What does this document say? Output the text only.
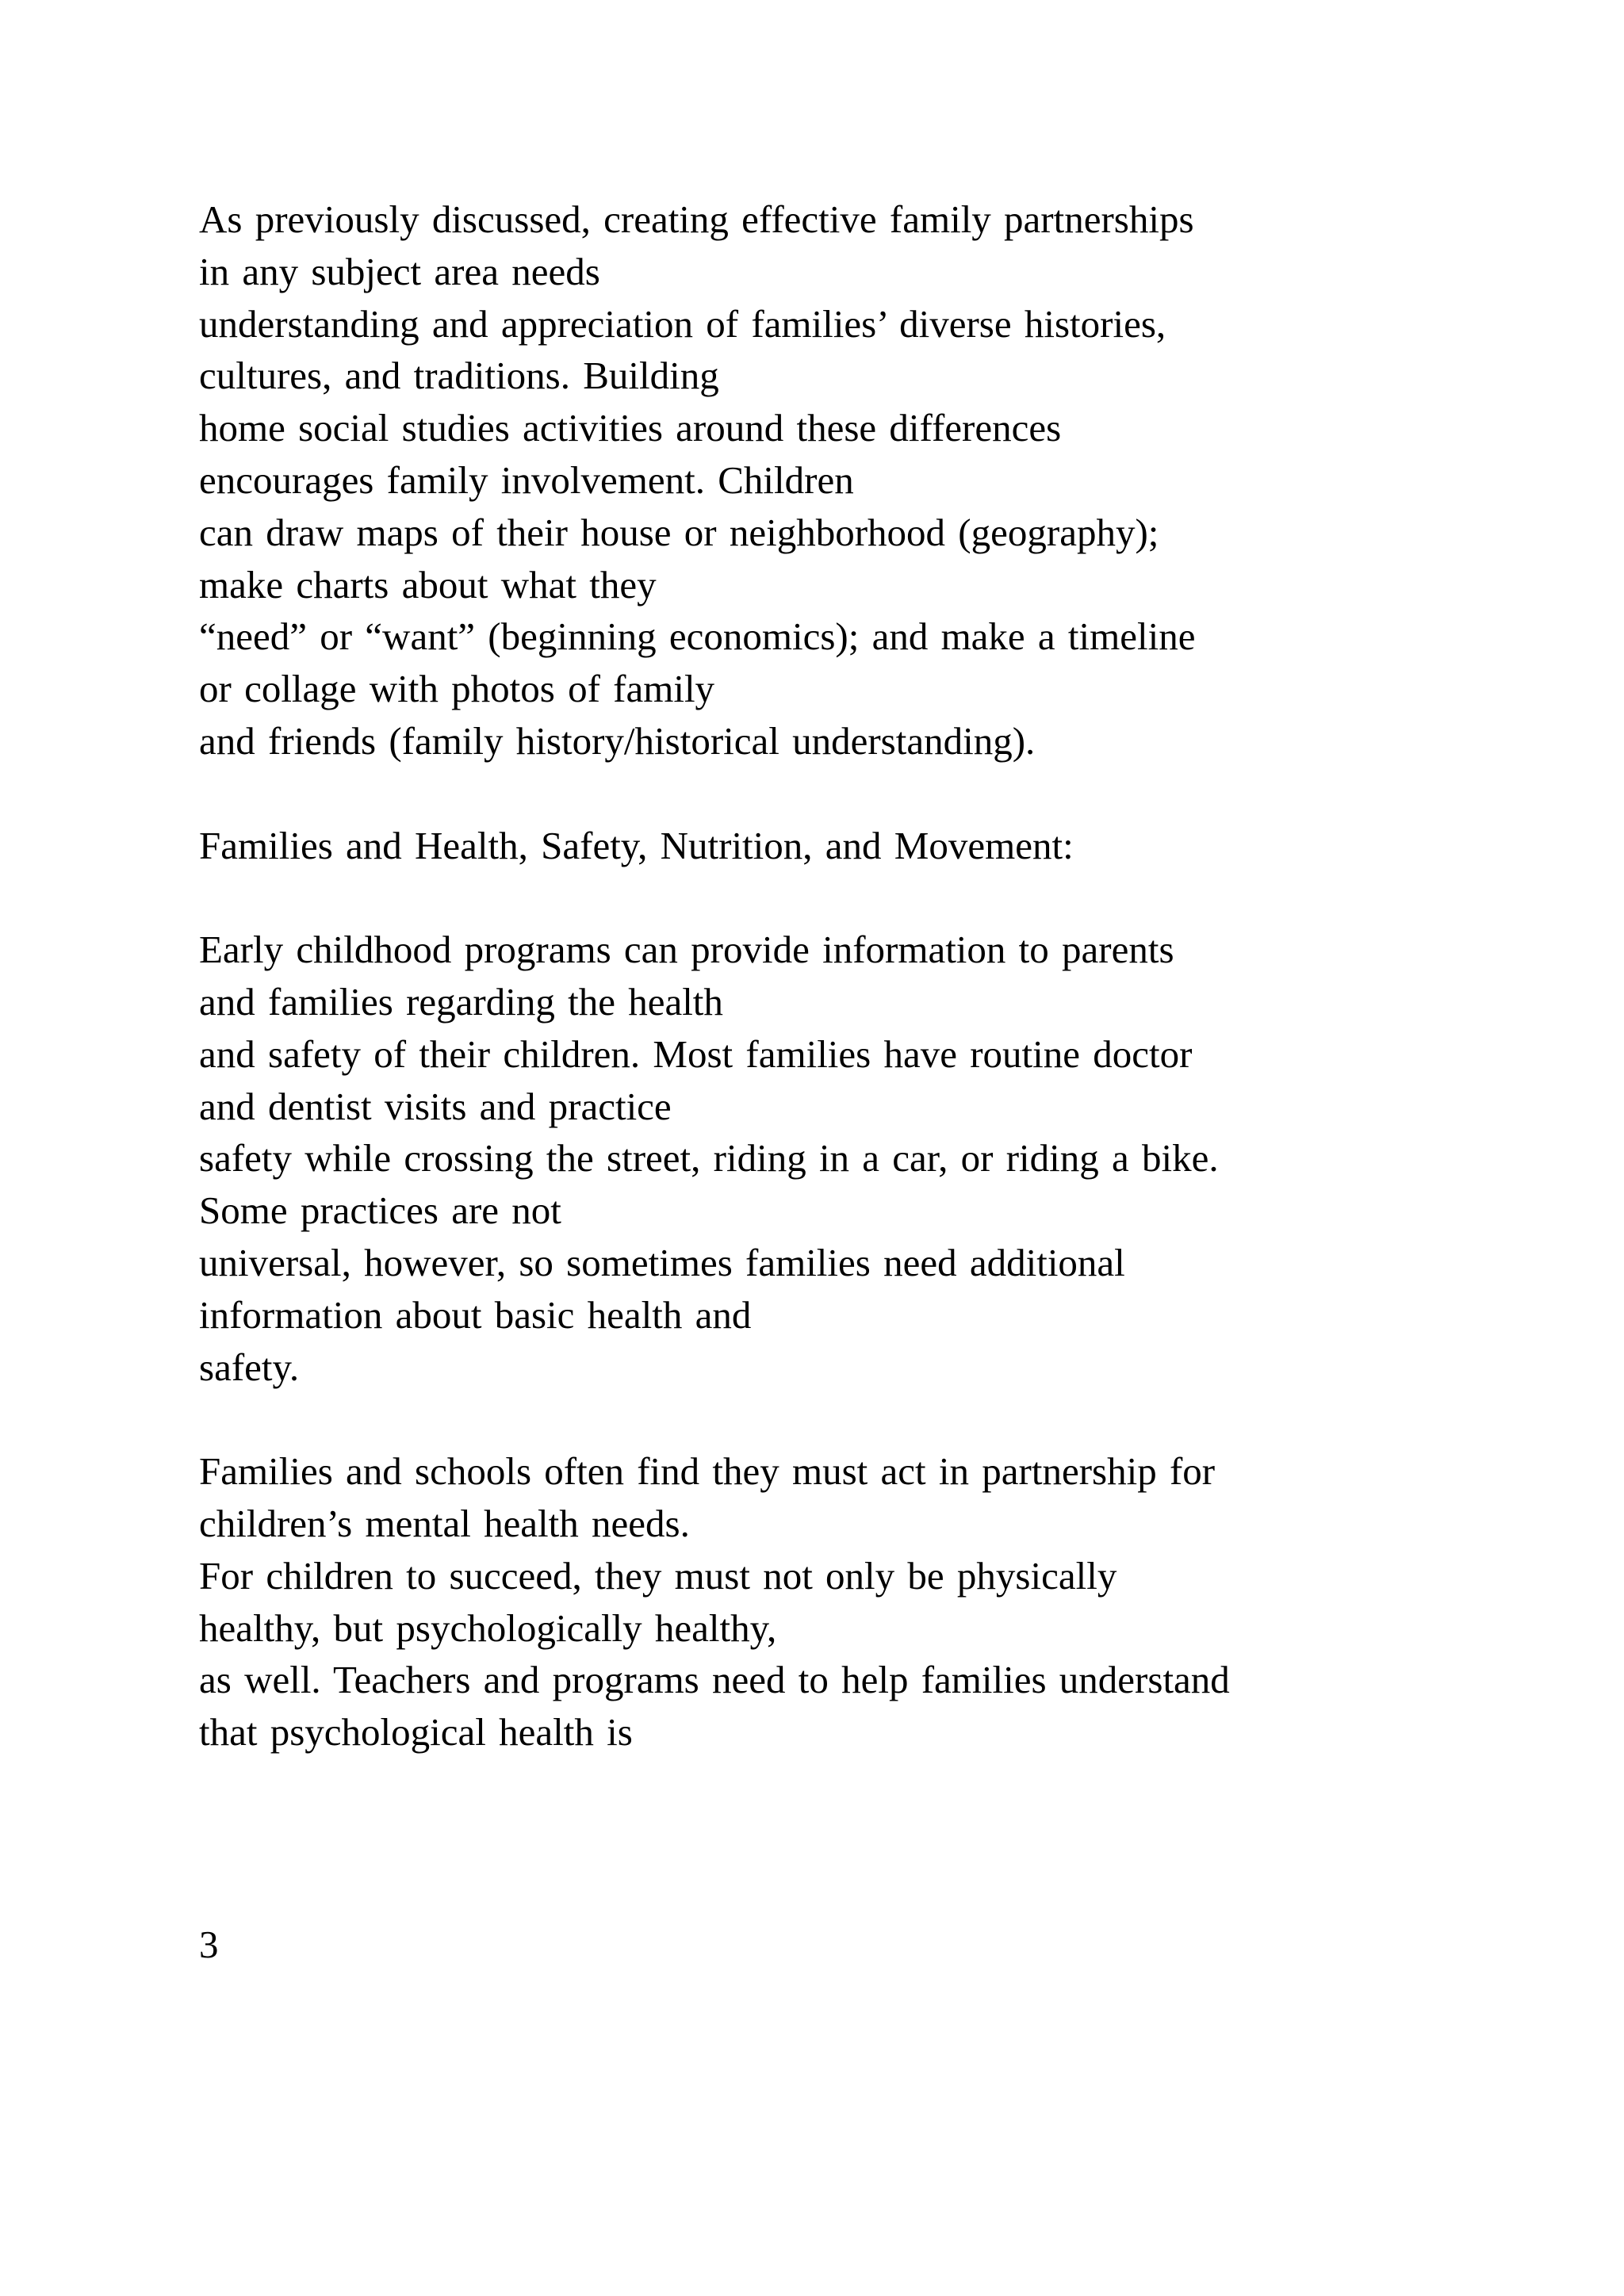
As previously discussed, creating effective family partnerships
in any subject area needs
understanding and appreciation of families’ diverse histories,
cultures, and traditions. Building
home social studies activities around these differences
encourages family involvement. Children
can draw maps of their house or neighborhood (geography);
make charts about what they
“need” or “want” (beginning economics); and make a timeline
or collage with photos of family
and friends (family history/historical understanding).
Families and Health, Safety, Nutrition, and Movement:
Early childhood programs can provide information to parents
and families regarding the health
and safety of their children. Most families have routine doctor
and dentist visits and practice
safety while crossing the street, riding in a car, or riding a bike.
Some practices are not
universal, however, so sometimes families need additional
information about basic health and
safety.
Families and schools often find they must act in partnership for
children’s mental health needs.
For children to succeed, they must not only be physically
healthy, but psychologically healthy,
as well. Teachers and programs need to help families understand
that psychological health is
3
